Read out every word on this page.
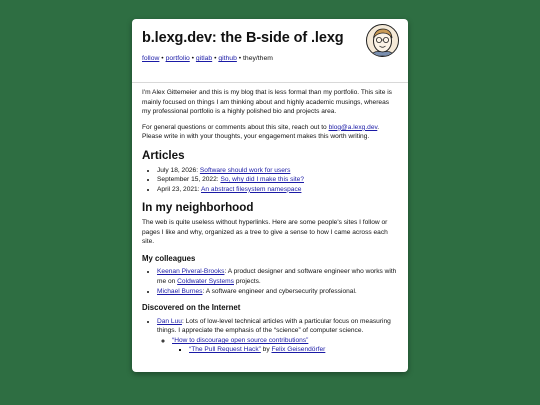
b.lexg.dev: the B-side of .lexg
follow • portfolio • gitlab • github • they/them

I'm Alex Gittemeier and this is my blog that is less formal than my portfolio. This site is mainly focused on things I am thinking about and highly academic musings, whereas my professional portfolio is a highly polished bio and projects area.

For general questions or comments about this site, reach out to blog@a.lexg.dev. Please write in with your thoughts, your engagement makes this worth writing.

Articles
• July 18, 2026: Software should work for users
• September 15, 2022: So, why did I make this site?
• April 23, 2021: An abstract filesystem namespace
In my neighborhood

The web is quite useless without hyperlinks. Here are some people's sites I follow or pages I like and why, organized as a tree to give a sense to how I came across each site.

My colleagues
• Keenan Piveral-Brooks: A product designer and software engineer who works with me on Coldwater Systems projects.
• Michael Burnes: A software engineer and cybersecurity professional.
Discovered on the Internet
• Dan Luu: Lots of low-level technical articles with a particular focus on measuring things. I appreciate the emphasis of the “science” of computer science.
◦ “How to discourage open source contributions”
▪ “The Pull Request Hack” by Felix Geisendörfer
